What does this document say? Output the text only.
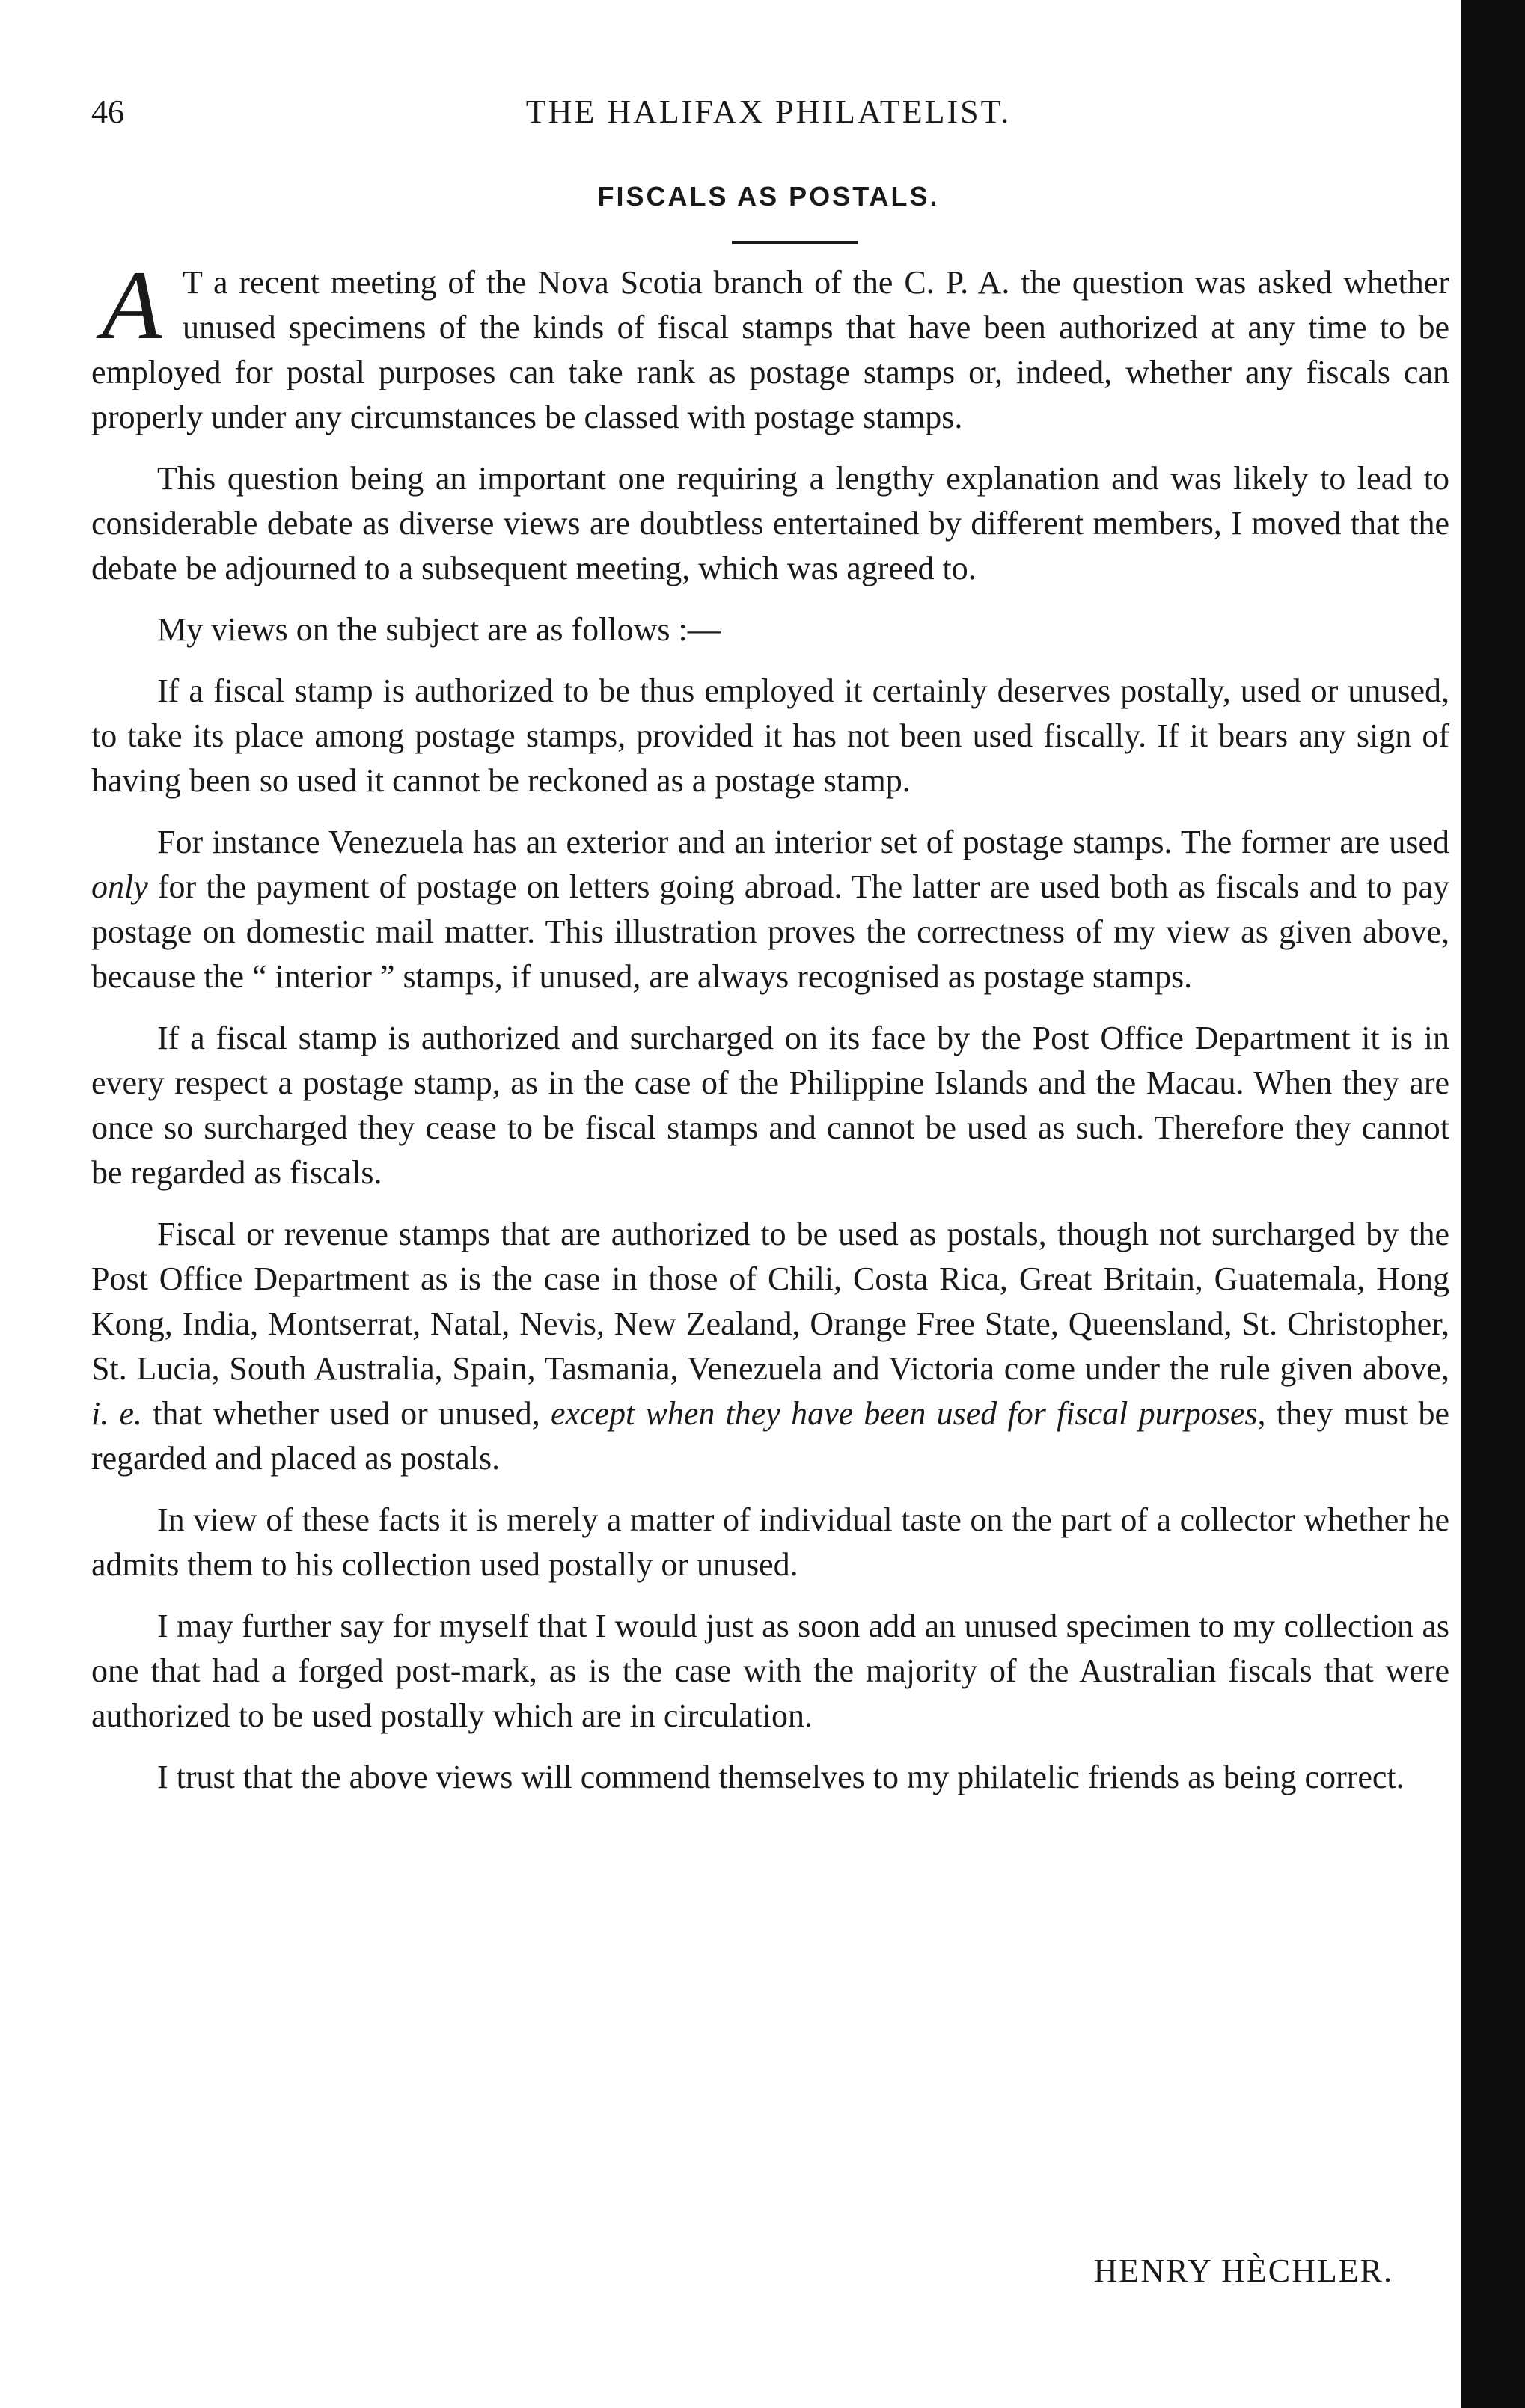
46	THE HALIFAX PHILATELIST.
FISCALS AS POSTALS.

A T a recent meeting of the Nova Scotia branch of the C. P. A. the question was asked whether unused specimens of the kinds of fiscal stamps that have been authorized at any time to be employed for postal purposes can take rank as postage stamps or, indeed, whether any fiscals can properly under any circumstances be classed with postage stamps.

This question being an important one requiring a lengthy explanation and was likely to lead to considerable debate as diverse views are doubtless entertained by different members, I moved that the debate be adjourned to a subsequent meeting, which was agreed to.

My views on the subject are as follows :—

If a fiscal stamp is authorized to be thus employed it certainly deserves postally, used or unused, to take its place among postage stamps, provided it has not been used fiscally. If it bears any sign of having been so used it cannot be reckoned as a postage stamp.

For instance Venezuela has an exterior and an interior set of postage stamps. The former are used only for the payment of postage on letters going abroad. The latter are used both as fiscals and to pay postage on domestic mail matter. This illustration proves the correctness of my view as given above, because the “ interior ” stamps, if unused, are always recognised as postage stamps.

If a fiscal stamp is authorized and surcharged on its face by the Post Office Department it is in every respect a postage stamp, as in the case of the Philippine Islands and the Macau. When they are once so surcharged they cease to be fiscal stamps and cannot be used as such. Therefore they cannot be regarded as fiscals.

Fiscal or revenue stamps that are authorized to be used as postals, though not surcharged by the Post Office Department as is the case in those of Chili, Costa Rica, Great Britain, Guatemala, Hong Kong, India, Montserrat, Natal, Nevis, New Zealand, Orange Free State, Queensland, St. Christopher, St. Lucia, South Australia, Spain, Tasmania, Venezuela and Victoria come under the rule given above, i. e. that whether used or unused, except when they have been used for fiscal purposes, they must be regarded and placed as postals.

In view of these facts it is merely a matter of individual taste on the part of a collector whether he admits them to his collection used postally or unused.

I may further say for myself that I would just as soon add an unused specimen to my collection as one that had a forged post-mark, as is the case with the majority of the Australian fiscals that were authorized to be used postally which are in circulation.

I trust that the above views will commend themselves to my philatelic friends as being correct.

HENRY HÈCHLER.
